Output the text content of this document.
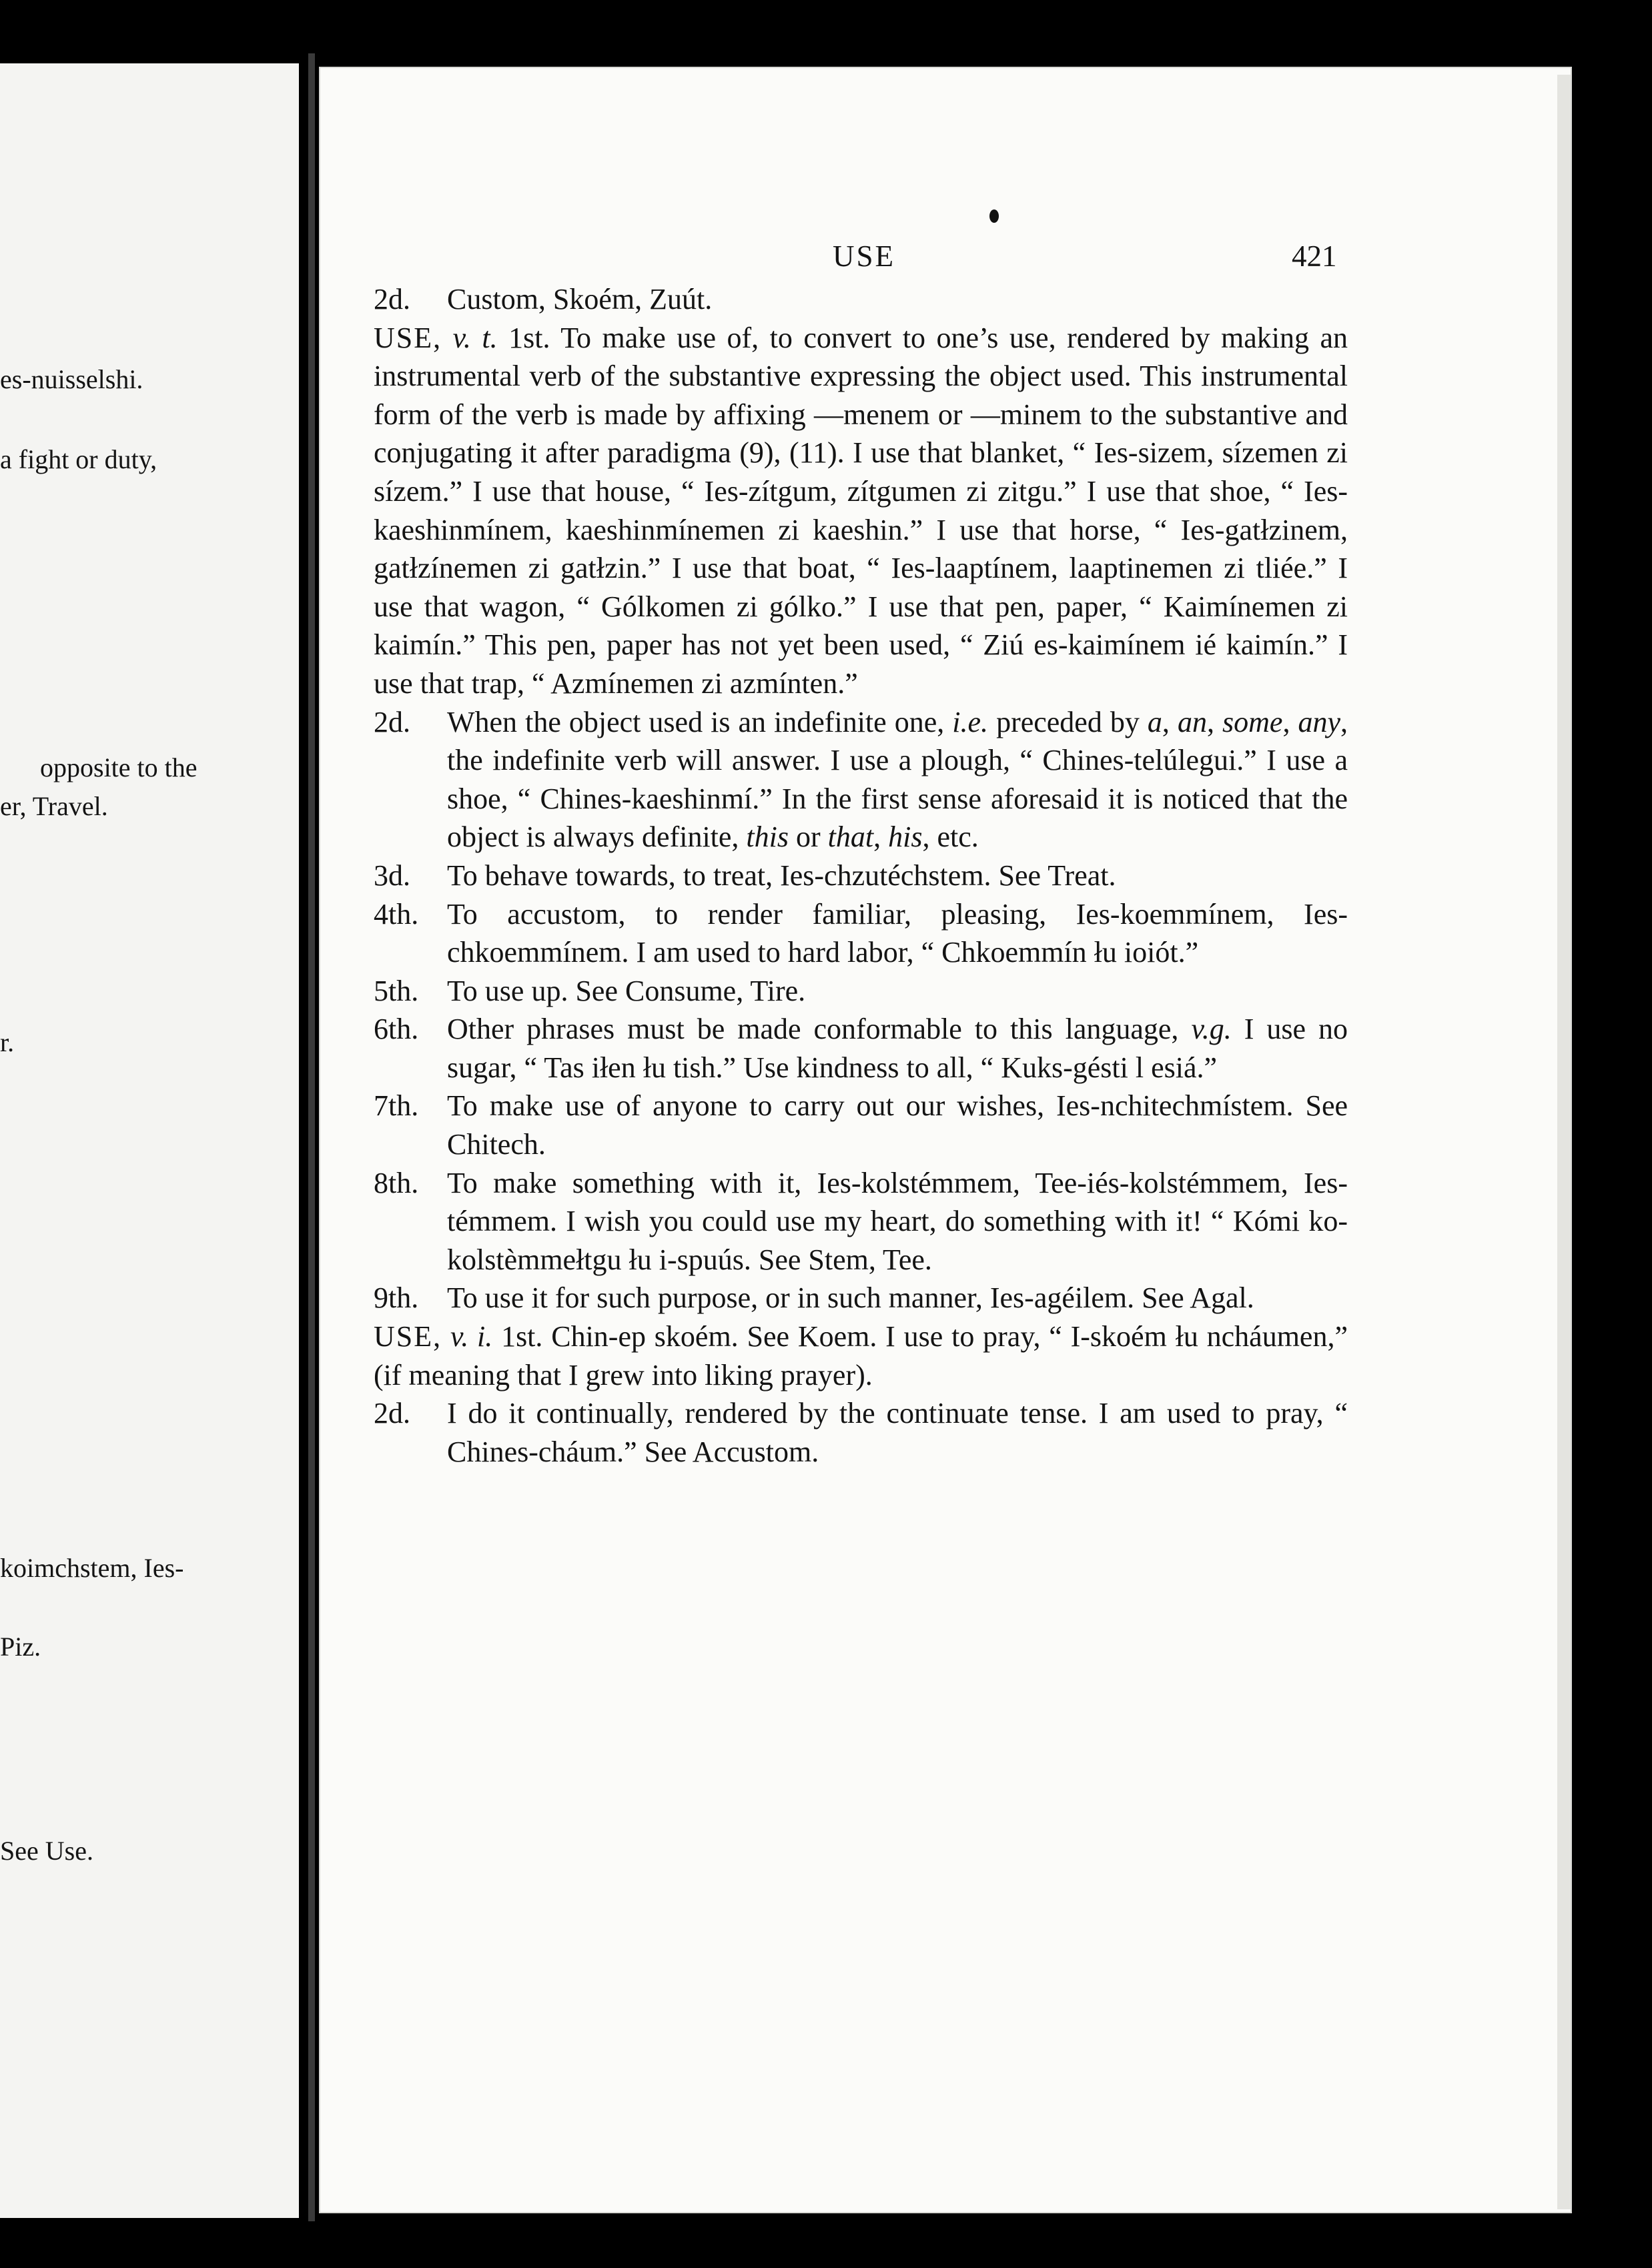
es-nuisselshi.
a fight or duty,
opposite to the
er, Travel.
r.
koimchstem, Ies-
Piz.
See Use.
USE	421
2d.	Custom, Skoém, Zuút.
USE, v. t. 1st. To make use of, to convert to one’s use, rendered by making an instrumental verb of the substantive expressing the object used. This instrumental form of the verb is made by affixing —menem or —minem to the substantive and conjugating it after paradigma (9), (11). I use that blanket, “ Ies-sizem, sízemen zi sízem.” I use that house, “ Ies-zítgum, zítgumen zi zitgu.” I use that shoe, “ Ies-kaeshinmínem, kaeshinmínemen zi kaeshin.” I use that horse, “ Ies-gatłzinem, gatłzínemen zi gatłzin.” I use that boat, “ Ies-laaptínem, laaptinemen zi tliée.” I use that wagon, “ Gólkomen zi gólko.” I use that pen, paper, “ Kaimínemen zi kaimín.” This pen, paper has not yet been used, “ Ziú es-kaimínem ié kaimín.” I use that trap, “ Azmínemen zi azmínten.”
2d.	When the object used is an indefinite one, i.e. preceded by a, an, some, any, the indefinite verb will answer. I use a plough, “ Chines-telúlegui.” I use a shoe, “ Chines-kaeshinmí.” In the first sense aforesaid it is noticed that the object is always definite, this or that, his, etc.
3d.	To behave towards, to treat, Ies-chzutéchstem. See Treat.
4th. To accustom, to render familiar, pleasing, Ies-koemmínem, Ies-chkoemmínem. I am used to hard labor, “ Chkoemmín łu ioiót.”
5th. To use up. See Consume, Tire.
6th. Other phrases must be made conformable to this language, v.g. I use no sugar, “ Tas iłen łu tish.” Use kindness to all, “ Kuks-gésti l esiá.”
7th. To make use of anyone to carry out our wishes, Ies-nchitechmístem. See Chitech.
8th. To make something with it, Ies-kolstémmem, Tee-iés-kolstémmem, Ies-témmem. I wish you could use my heart, do something with it! “ Kómi ko-kolstèmmełtgu łu i-spuús. See Stem, Tee.
9th. To use it for such purpose, or in such manner, Ies-agéilem. See Agal.
USE, v. i. 1st. Chin-ep skoém. See Koem. I use to pray, “ I-skoém łu ncháumen,” (if meaning that I grew into liking prayer).
2d.	I do it continually, rendered by the continuate tense. I am used to pray, “ Chines-cháum.” See Accustom.
